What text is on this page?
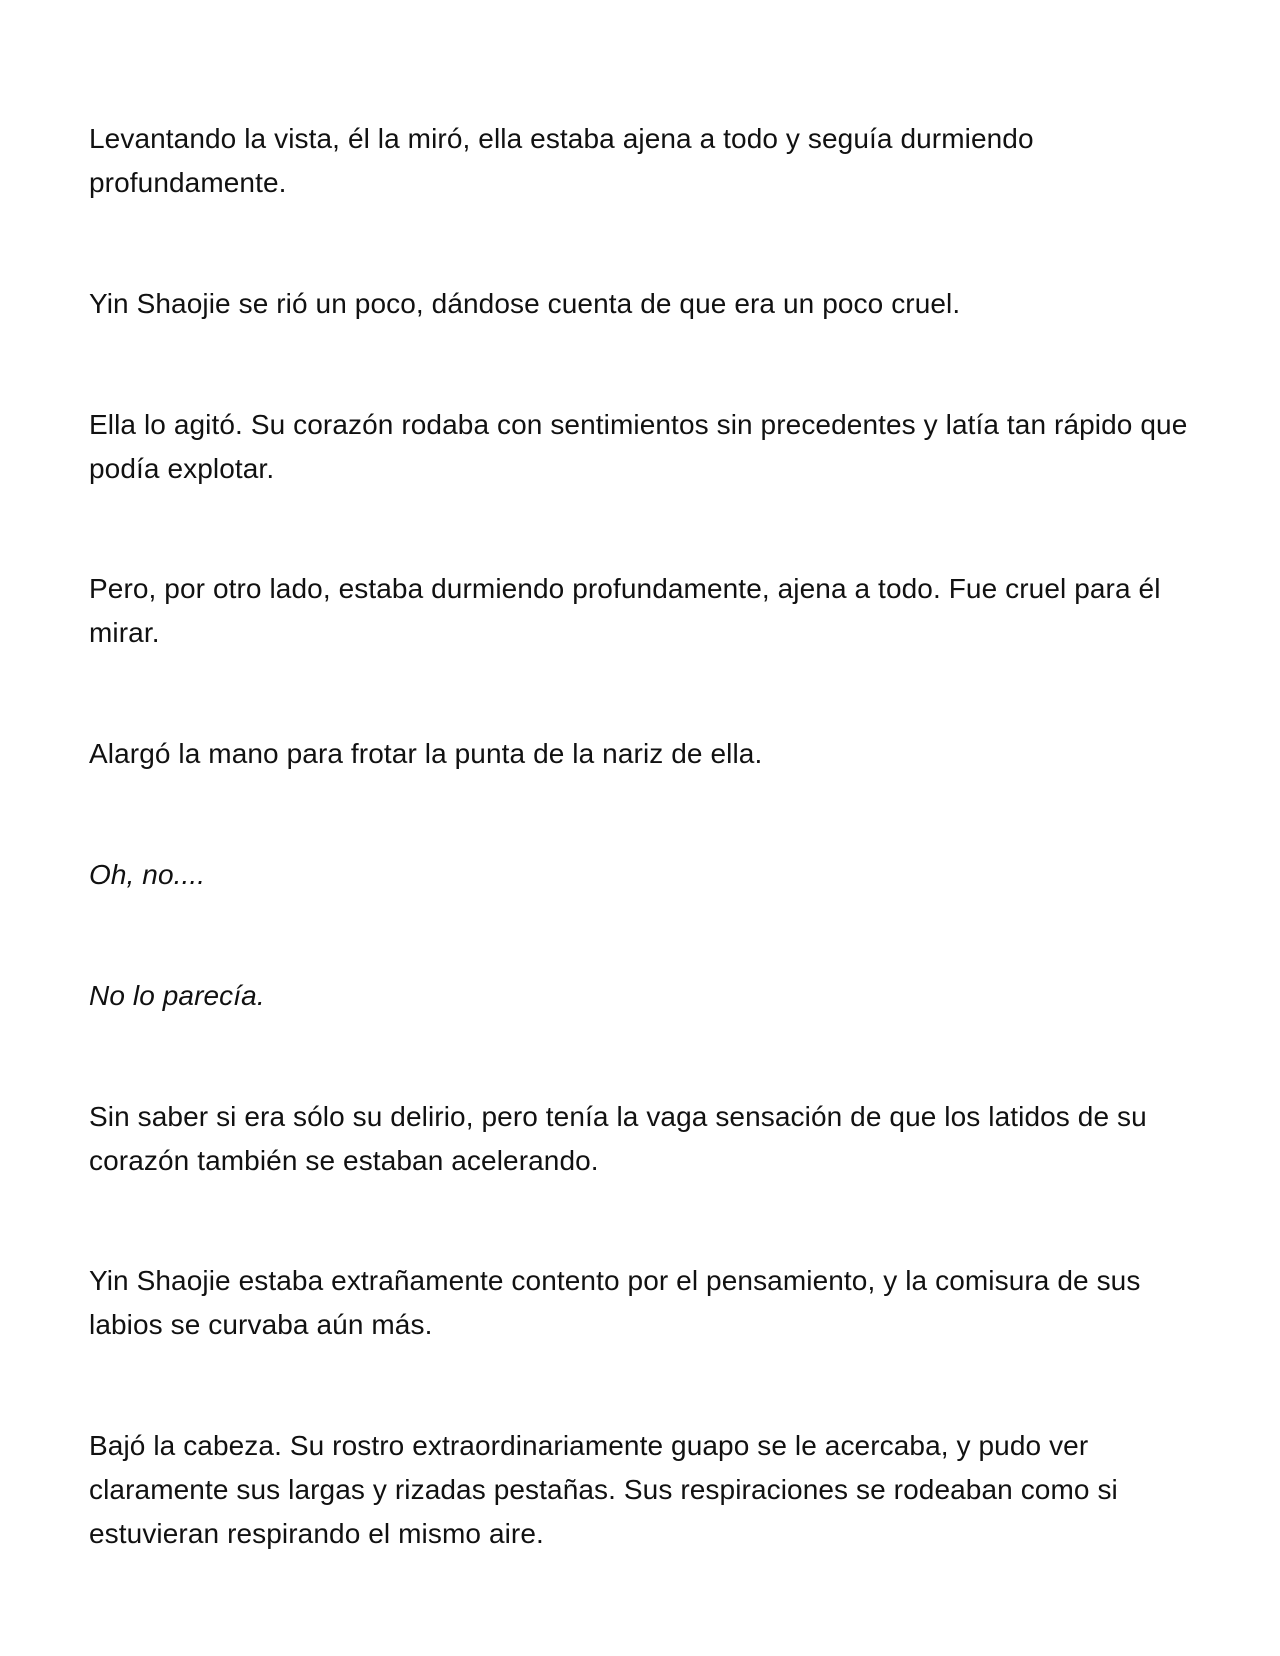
Levantando la vista, él la miró, ella estaba ajena a todo y seguía durmiendo profundamente.

Yin Shaojie se rió un poco, dándose cuenta de que era un poco cruel.

Ella lo agitó. Su corazón rodaba con sentimientos sin precedentes y latía tan rápido que podía explotar.

Pero, por otro lado, estaba durmiendo profundamente, ajena a todo. Fue cruel para él mirar.

Alargó la mano para frotar la punta de la nariz de ella.

Oh, no....

No lo parecía.

Sin saber si era sólo su delirio, pero tenía la vaga sensación de que los latidos de su corazón también se estaban acelerando.

Yin Shaojie estaba extrañamente contento por el pensamiento, y la comisura de sus labios se curvaba aún más.

Bajó la cabeza. Su rostro extraordinariamente guapo se le acercaba, y pudo ver claramente sus largas y rizadas pestañas. Sus respiraciones se rodeaban como si estuvieran respirando el mismo aire.
